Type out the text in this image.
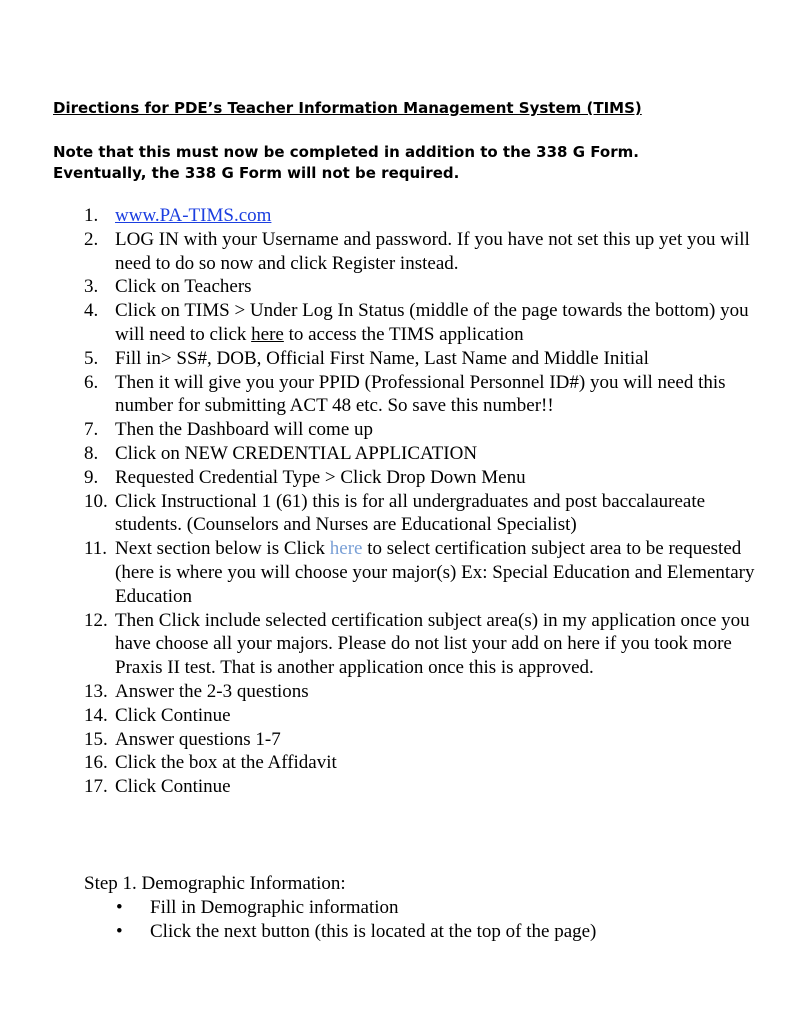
Directions for PDE’s Teacher Information Management System (TIMS)
Note that this must now be completed in addition to the 338 G Form.
Eventually, the 338 G Form will not be required.
1. www.PA-TIMS.com
2. LOG IN with your Username and password. If you have not set this up yet you will need to do so now and click Register instead.
3. Click on Teachers
4. Click on TIMS > Under Log In Status (middle of the page towards the bottom) you will need to click here to access the TIMS application
5. Fill in> SS#, DOB, Official First Name, Last Name and Middle Initial
6. Then it will give you your PPID (Professional Personnel ID#) you will need this number for submitting ACT 48 etc. So save this number!!
7. Then the Dashboard will come up
8. Click on NEW CREDENTIAL APPLICATION
9. Requested Credential Type > Click Drop Down Menu
10. Click Instructional 1 (61) this is for all undergraduates and post baccalaureate students. (Counselors and Nurses are Educational Specialist)
11. Next section below is Click here to select certification subject area to be requested (here is where you will choose your major(s) Ex: Special Education and Elementary Education
12. Then Click include selected certification subject area(s) in my application once you have choose all your majors. Please do not list your add on here if you took more Praxis II test. That is another application once this is approved.
13. Answer the 2-3 questions
14. Click Continue
15. Answer questions 1-7
16. Click the box at the Affidavit
17. Click Continue
Step 1. Demographic Information:
• Fill in Demographic information
• Click the next button (this is located at the top of the page)
